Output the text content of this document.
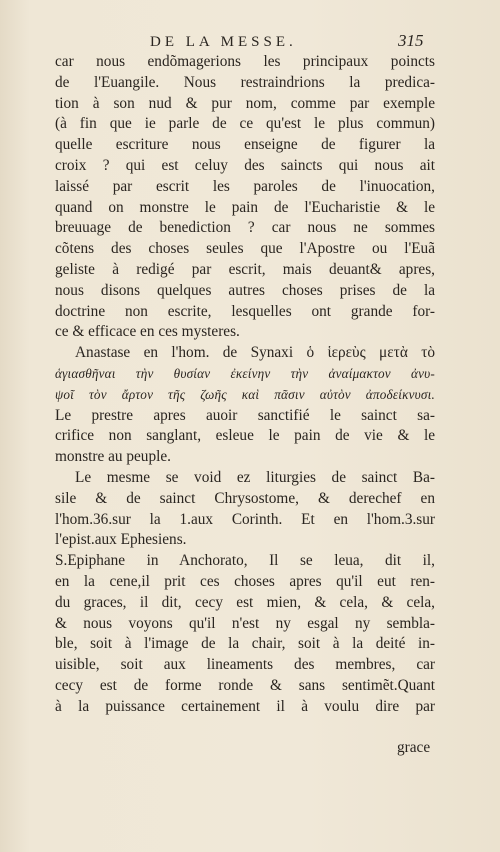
DE LA MESSE.	315
car nous endõmagerions les principaux poincts
de l'Euangile. Nous restraindrions la predica-
tion à son nud & pur nom, comme par exemple
(à fin que ie parle de ce qu'est le plus commun)
quelle escriture nous enseigne de figurer la
croix ? qui est celuy des saincts qui nous ait
laissé par escrit les paroles de l'inuocation,
quand on monstre le pain de l'Eucharistie & le
breuuage de benediction ? car nous ne sommes
cõtens des choses seules que l'Apostre ou l'Euã
geliste à redigé par escrit, mais deuant& apres,
nous disons quelques autres choses prises de la
doctrine non escrite, lesquelles ont grande for-
ce & efficace en ces mysteres.
Anastase en l'hom. de Synaxi ὁ ἱερεὺς μετὰ τὸ
ἁγιασθῆναι τὴν θυσίαν ἐκείνην τὴν ἀναίμακτον ἀνυ-
ψοῖ τὸν ἄρτον τῆς ζωῆς καὶ πᾶσιν αὐτὸν ἀποδείκνυσι.
Le prestre apres auoir sanctifié le sainct sa-
crifice non sanglant, esleue le pain de vie & le
monstre au peuple.
Le mesme se void ez liturgies de sainct Ba-
sile & de sainct Chrysostome, & derechef en
l'hom.36.sur la 1.aux Corinth. Et en l'hom.3.sur
l'epist.aux Ephesiens.
S.Epiphane in Anchorato, Il se leua, dit il,
en la cene,il prit ces choses apres qu'il eut ren-
du graces, il dit, cecy est mien, & cela, & cela,
& nous voyons qu'il n'est ny esgal ny sembla-
ble, soit à l'image de la chair, soit à la deité in-
uisible, soit aux lineaments des membres, car
cecy est de forme ronde & sans sentimẽt.Quant
à la puissance certainement il à voulu dire par
grace
